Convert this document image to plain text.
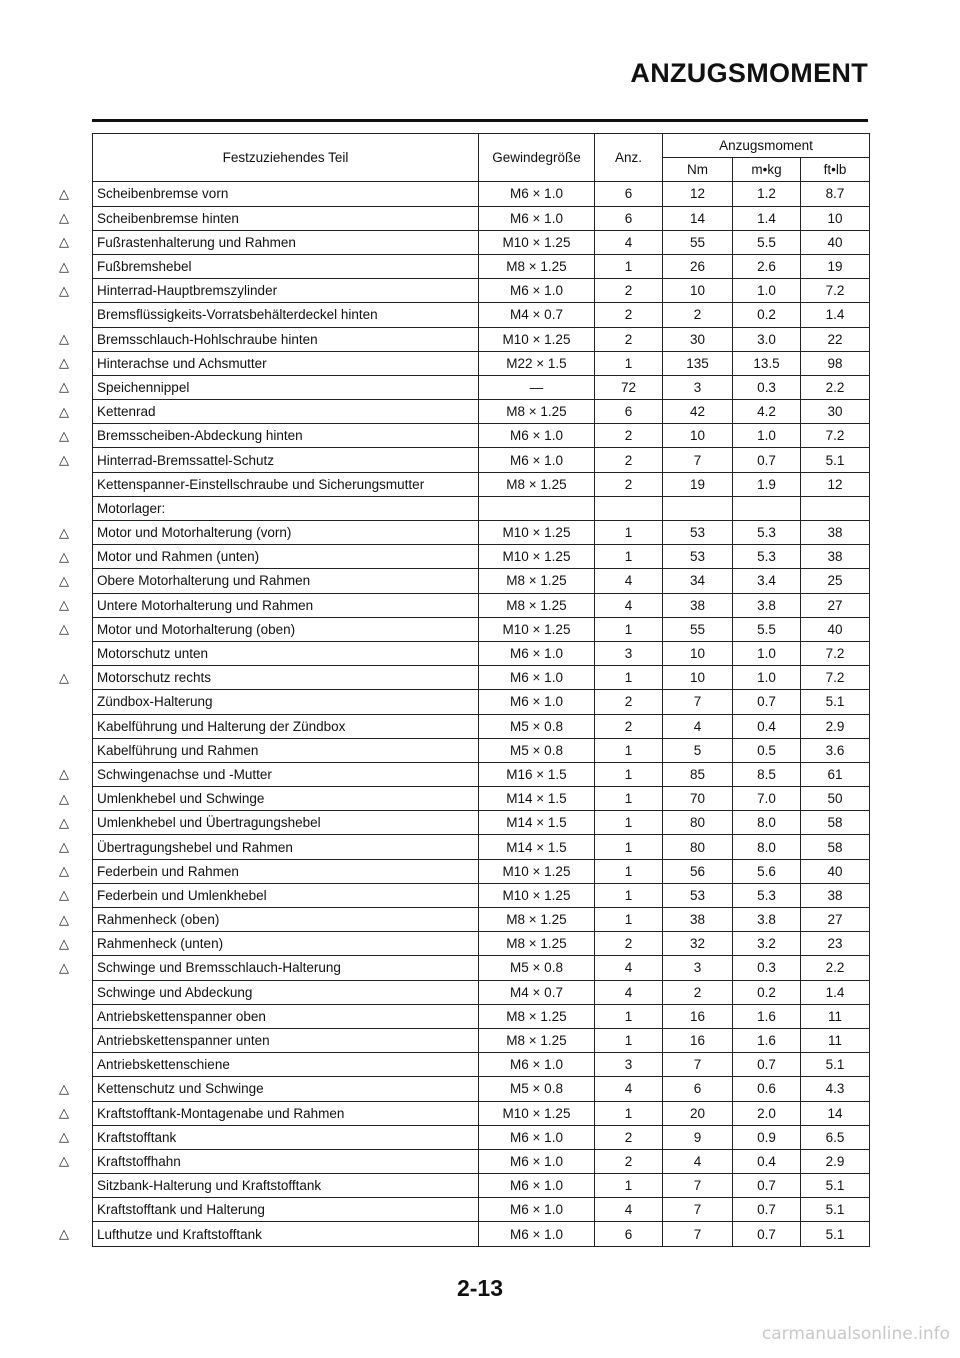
ANZUGSMOMENT
Festzuziehendes Teil	Gewindegröße	Anz.	Anzugsmoment		
			Nm	m•kg	ft•lb

△ Scheibenbremse vorn	M6 × 1.0	6	12	1.2	8.7

△ Scheibenbremse hinten	M6 × 1.0	6	14	1.4	10

△ Fußrastenhalterung und Rahmen	M10 × 1.25	4	55	5.5	40

△ Fußbremshebel	M8 × 1.25	1	26	2.6	19

△ Hinterrad-Hauptbremszylinder	M6 × 1.0	2	10	1.0	7.2
Bremsflüssigkeits-Vorratsbehälterdeckel hinten	M4 × 0.7	2	2	0.2	1.4

△ Bremsschlauch-Hohlschraube hinten	M10 × 1.25	2	30	3.0	22

△ Hinterachse und Achsmutter	M22 × 1.5	1	135	13.5	98

△ Speichennippel	—	72	3	0.3	2.2

△ Kettenrad	M8 × 1.25	6	42	4.2	30

△ Bremsscheiben-Abdeckung hinten	M6 × 1.0	2	10	1.0	7.2

△ Hinterrad-Bremssattel-Schutz	M6 × 1.0	2	7	0.7	5.1
Kettenspanner-Einstellschraube und Sicherungsmutter	M8 × 1.25	2	19	1.9	12
Motorlager:					

△ Motor und Motorhalterung (vorn)	M10 × 1.25	1	53	5.3	38

△ Motor und Rahmen (unten)	M10 × 1.25	1	53	5.3	38

△ Obere Motorhalterung und Rahmen	M8 × 1.25	4	34	3.4	25

△ Untere Motorhalterung und Rahmen	M8 × 1.25	4	38	3.8	27

△ Motor und Motorhalterung (oben)	M10 × 1.25	1	55	5.5	40
Motorschutz unten	M6 × 1.0	3	10	1.0	7.2

△ Motorschutz rechts	M6 × 1.0	1	10	1.0	7.2
Zündbox-Halterung	M6 × 1.0	2	7	0.7	5.1
Kabelführung und Halterung der Zündbox	M5 × 0.8	2	4	0.4	2.9
Kabelführung und Rahmen	M5 × 0.8	1	5	0.5	3.6

△ Schwingenachse und -Mutter	M16 × 1.5	1	85	8.5	61

△ Umlenkhebel und Schwinge	M14 × 1.5	1	70	7.0	50

△ Umlenkhebel und Übertragungshebel	M14 × 1.5	1	80	8.0	58

△ Übertragungshebel und Rahmen	M14 × 1.5	1	80	8.0	58

△ Federbein und Rahmen	M10 × 1.25	1	56	5.6	40

△ Federbein und Umlenkhebel	M10 × 1.25	1	53	5.3	38

△ Rahmenheck (oben)	M8 × 1.25	1	38	3.8	27

△ Rahmenheck (unten)	M8 × 1.25	2	32	3.2	23

△ Schwinge und Bremsschlauch-Halterung	M5 × 0.8	4	3	0.3	2.2
Schwinge und Abdeckung	M4 × 0.7	4	2	0.2	1.4
Antriebskettenspanner oben	M8 × 1.25	1	16	1.6	11
Antriebskettenspanner unten	M8 × 1.25	1	16	1.6	11
Antriebskettenschiene	M6 × 1.0	3	7	0.7	5.1

△ Kettenschutz und Schwinge	M5 × 0.8	4	6	0.6	4.3

△ Kraftstofftank-Montagenabe und Rahmen	M10 × 1.25	1	20	2.0	14

△ Kraftstofftank	M6 × 1.0	2	9	0.9	6.5

△ Kraftstoffhahn	M6 × 1.0	2	4	0.4	2.9
Sitzbank-Halterung und Kraftstofftank	M6 × 1.0	1	7	0.7	5.1
Kraftstofftank und Halterung	M6 × 1.0	4	7	0.7	5.1

△ Lufthutze und Kraftstofftank	M6 × 1.0	6	7	0.7	5.1
2-13
carmanualsonline.info
